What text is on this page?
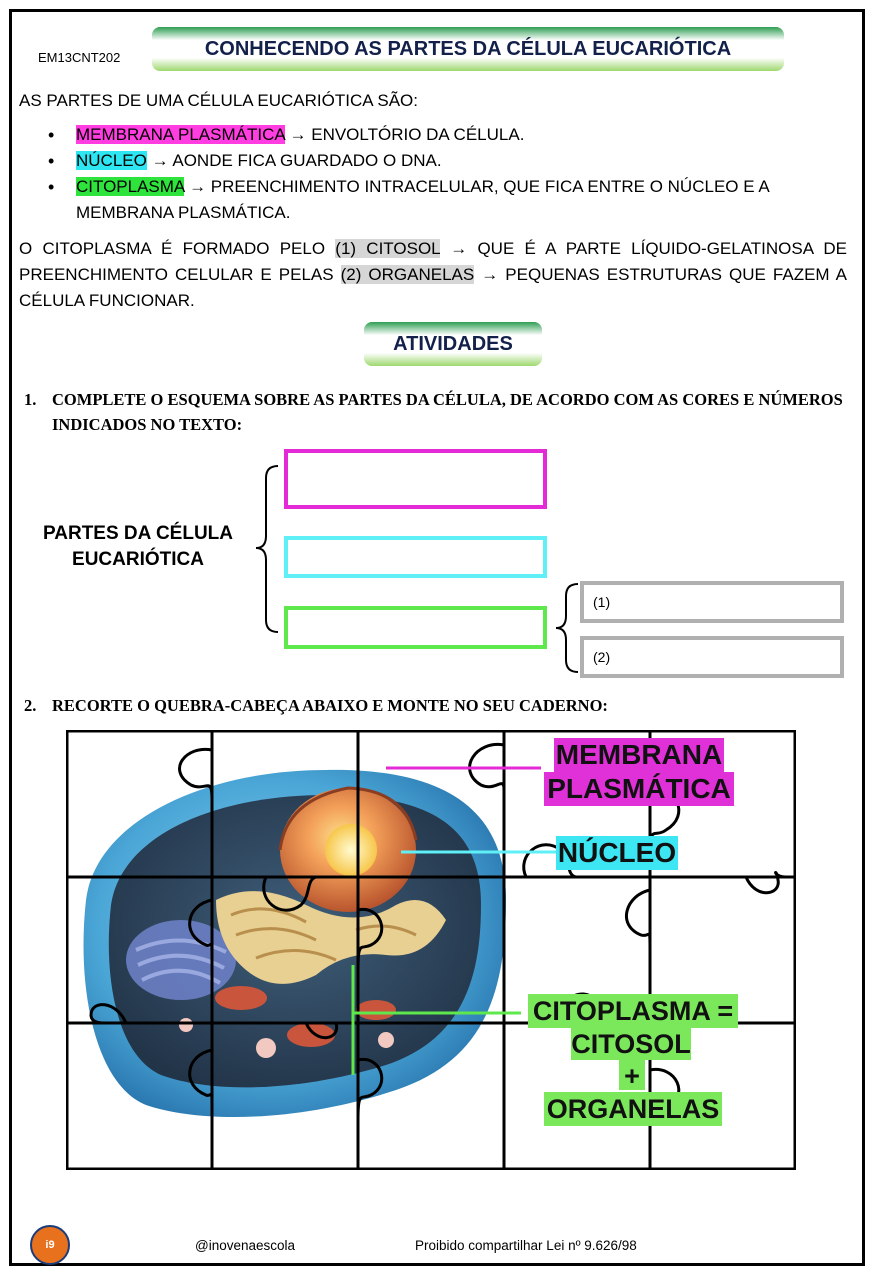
EM13CNT202	CONHECENDO AS PARTES DA CÉLULA EUCARIÓTICA
AS PARTES DE UMA CÉLULA EUCARIÓTICA SÃO:
• MEMBRANA PLASMÁTICA → ENVOLTÓRIO DA CÉLULA.
• NÚCLEO → AONDE FICA GUARDADO O DNA.
• CITOPLASMA → PREENCHIMENTO INTRACELULAR, QUE FICA ENTRE O NÚCLEO E A MEMBRANA PLASMÁTICA.
O CITOPLASMA É FORMADO PELO (1) CITOSOL → QUE É A PARTE LÍQUIDO-GELATINOSA DE PREENCHIMENTO CELULAR E PELAS (2) ORGANELAS → PEQUENAS ESTRUTURAS QUE FAZEM A CÉLULA FUNCIONAR.
ATIVIDADES
1. COMPLETE O ESQUEMA SOBRE AS PARTES DA CÉLULA, DE ACORDO COM AS CORES E NÚMEROS INDICADOS NO TEXTO:
PARTES DA CÉLULA
EUCARIÓTICA
(1)
(2)
2. RECORTE O QUEBRA-CABEÇA ABAIXO E MONTE NO SEU CADERNO:
MEMBRANA
PLASMÁTICA
NÚCLEO
CITOPLASMA =
CITOSOL
+
ORGANELAS
i9	@inovenaescola	Proibido compartilhar Lei nº 9.626/98
